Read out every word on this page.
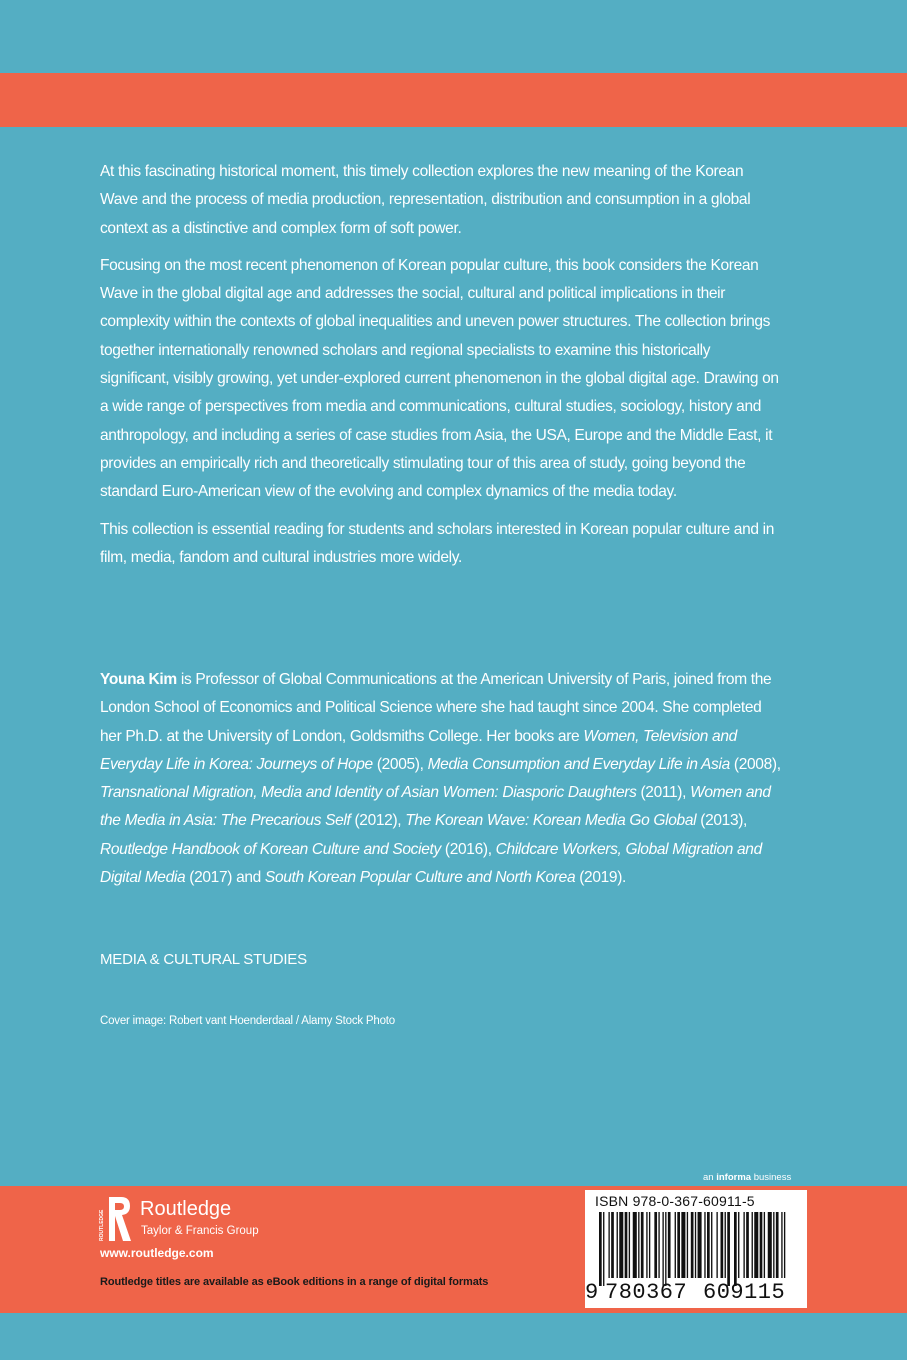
At this fascinating historical moment, this timely collection explores the new meaning of the Korean Wave and the process of media production, representation, distribution and consumption in a global context as a distinctive and complex form of soft power.

Focusing on the most recent phenomenon of Korean popular culture, this book considers the Korean Wave in the global digital age and addresses the social, cultural and political implications in their complexity within the contexts of global inequalities and uneven power structures. The collection brings together internationally renowned scholars and regional specialists to examine this historically significant, visibly growing, yet under-explored current phenomenon in the global digital age. Drawing on a wide range of perspectives from media and communications, cultural studies, sociology, history and anthropology, and including a series of case studies from Asia, the USA, Europe and the Middle East, it provides an empirically rich and theoretically stimulating tour of this area of study, going beyond the standard Euro-American view of the evolving and complex dynamics of the media today.

This collection is essential reading for students and scholars interested in Korean popular culture and in film, media, fandom and cultural industries more widely.

Youna Kim is Professor of Global Communications at the American University of Paris, joined from the London School of Economics and Political Science where she had taught since 2004. She completed her Ph.D. at the University of London, Goldsmiths College. Her books are Women, Television and Everyday Life in Korea: Journeys of Hope (2005), Media Consumption and Everyday Life in Asia (2008), Transnational Migration, Media and Identity of Asian Women: Diasporic Daughters (2011), Women and the Media in Asia: The Precarious Self (2012), The Korean Wave: Korean Media Go Global (2013), Routledge Handbook of Korean Culture and Society (2016), Childcare Workers, Global Migration and Digital Media (2017) and South Korean Popular Culture and North Korea (2019).

MEDIA & CULTURAL STUDIES
Cover image: Robert vant Hoenderdaal / Alamy Stock Photo
an informa business
ROUTLEDGE
Routledge
Taylor & Francis Group
www.routledge.com
Routledge titles are available as eBook editions in a range of digital formats
ISBN 978-0-367-60911-5
9 780367 609115
